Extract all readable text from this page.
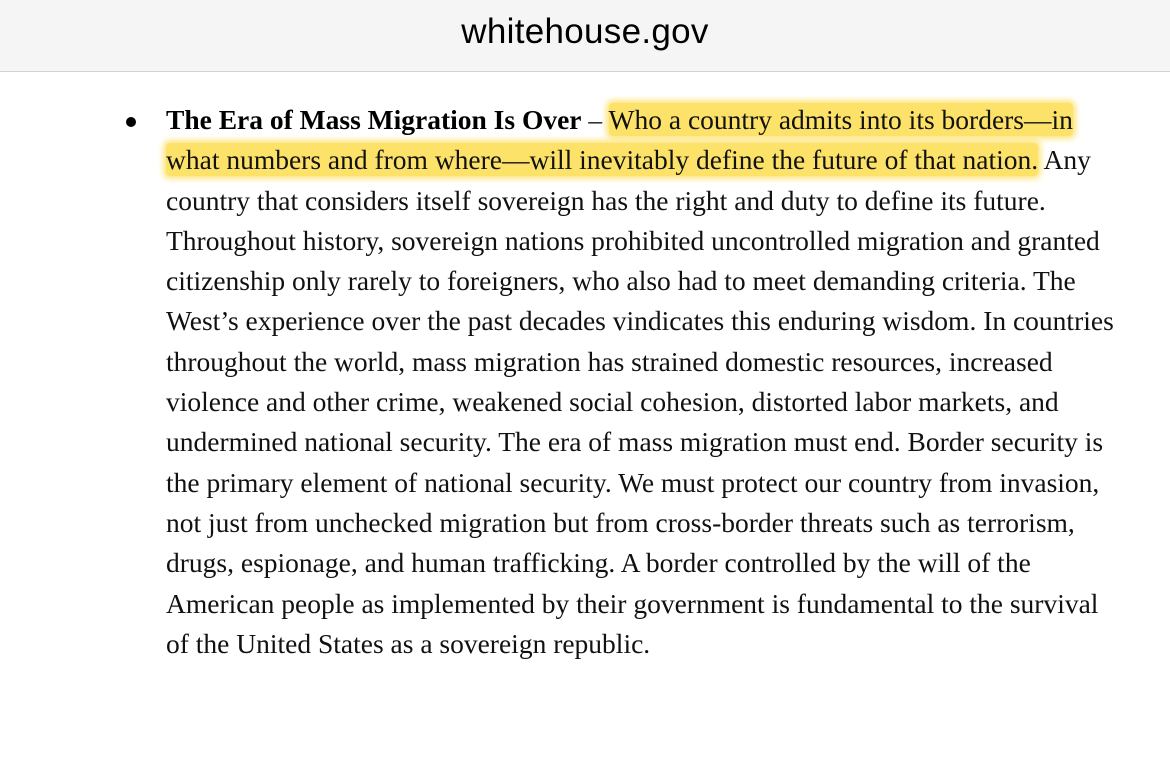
whitehouse.gov

The Era of Mass Migration Is Over – Who a country admits into its borders—in what numbers and from where—will inevitably define the future of that nation. Any country that considers itself sovereign has the right and duty to define its future. Throughout history, sovereign nations prohibited uncontrolled migration and granted citizenship only rarely to foreigners, who also had to meet demanding criteria. The West’s experience over the past decades vindicates this enduring wisdom. In countries throughout the world, mass migration has strained domestic resources, increased violence and other crime, weakened social cohesion, distorted labor markets, and undermined national security. The era of mass migration must end. Border security is the primary element of national security. We must protect our country from invasion, not just from unchecked migration but from cross-border threats such as terrorism, drugs, espionage, and human trafficking. A border controlled by the will of the American people as implemented by their government is fundamental to the survival of the United States as a sovereign republic.
